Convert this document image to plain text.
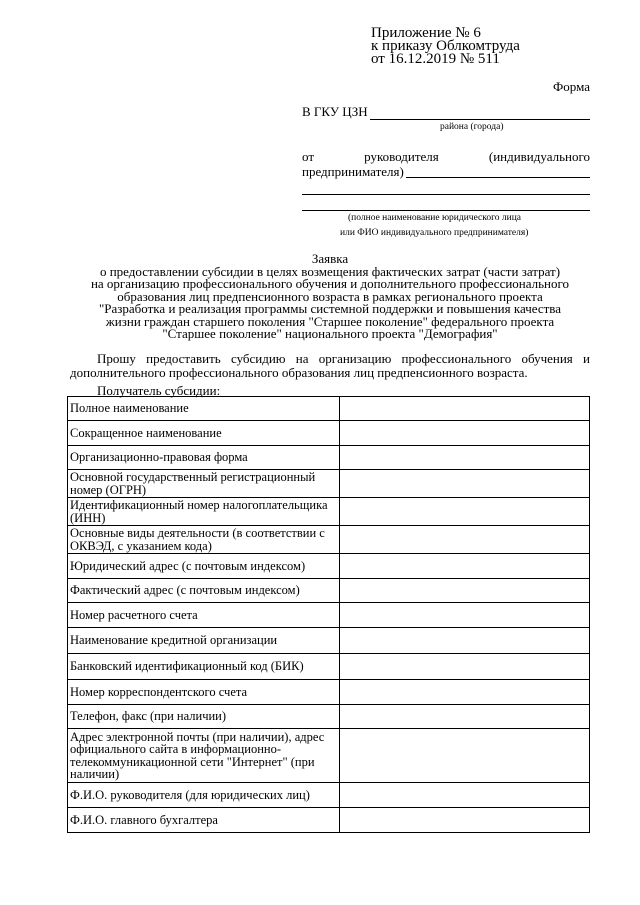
Приложение № 6
к приказу Облкомтруда
от 16.12.2019 № 511
Форма
В ГКУ ЦЗН
района (города)
от	руководителя	(индивидуального
предпринимателя)
(полное наименование юридического лица
или ФИО индивидуального предпринимателя)
Заявка
о предоставлении субсидии в целях возмещения фактических затрат (части затрат)
на организацию профессионального обучения и дополнительного профессионального
образования лиц предпенсионного возраста в рамках регионального проекта
"Разработка и реализация программы системной поддержки и повышения качества
жизни граждан старшего поколения "Старшее поколение" федерального проекта
"Старшее поколение" национального проекта "Демография"
Прошу предоставить субсидию на организацию профессионального обучения и дополнительного профессионального образования лиц предпенсионного возраста.
Получатель субсидии:
Полное наименование	
Сокращенное наименование	
Организационно-правовая форма	
Основной государственный регистрационный номер (ОГРН)	
Идентификационный номер налогоплательщика (ИНН)	
Основные виды деятельности (в соответствии с ОКВЭД, с указанием кода)	
Юридический адрес (с почтовым индексом)	
Фактический адрес (с почтовым индексом)	
Номер расчетного счета	
Наименование кредитной организации	
Банковский идентификационный код (БИК)	
Номер корреспондентского счета	
Телефон, факс (при наличии)	
Адрес электронной почты (при наличии), адрес официального сайта в информационно-телекоммуникационной сети "Интернет" (при наличии)	
Ф.И.О. руководителя (для юридических лиц)	
Ф.И.О. главного бухгалтера	
